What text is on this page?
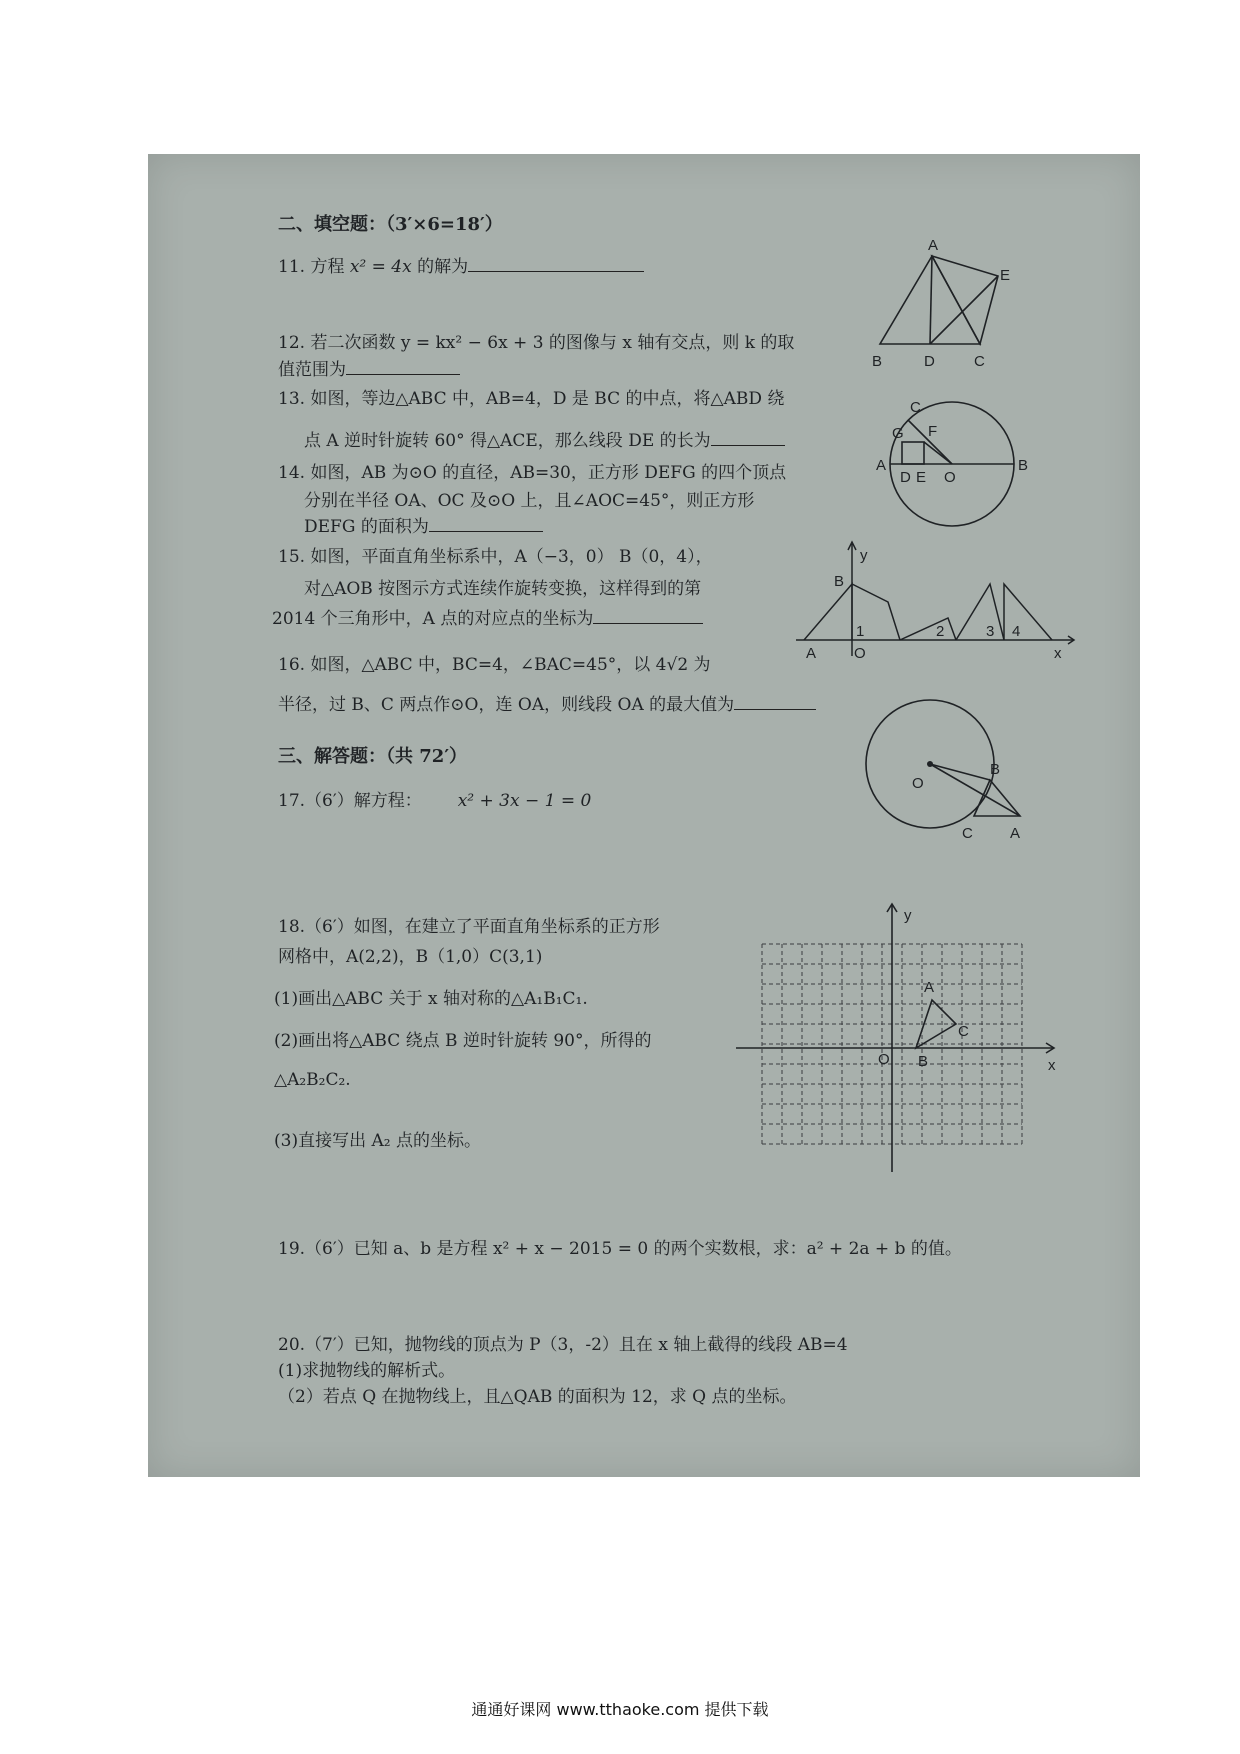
二、填空题：（3′×6=18′）
11. 方程 x² = 4x 的解为
12. 若二次函数 y = kx² − 6x + 3 的图像与 x 轴有交点，则 k 的取
值范围为
13. 如图，等边△ABC 中，AB=4，D 是 BC 的中点，将△ABD 绕
点 A 逆时针旋转 60° 得△ACE，那么线段 DE 的长为
14. 如图，AB 为⊙O 的直径，AB=30，正方形 DEFG 的四个顶点
分别在半径 OA、OC 及⊙O 上，且∠AOC=45°，则正方形
DEFG 的面积为
15. 如图，平面直角坐标系中，A（−3，0） B（0，4），
对△AOB 按图示方式连续作旋转变换，这样得到的第
2014 个三角形中，A 点的对应点的坐标为
16. 如图，△ABC 中，BC=4，∠BAC=45°，以 4√2 为
半径，过 B、C 两点作⊙O，连 OA，则线段 OA 的最大值为
三、解答题：（共 72′）
17.（6′）解方程： x² + 3x − 1 = 0
18.（6′）如图，在建立了平面直角坐标系的正方形
网格中，A(2,2)，B（1,0）C(3,1)
(1)画出△ABC 关于 x 轴对称的△A₁B₁C₁.
(2)画出将△ABC 绕点 B 逆时针旋转 90°，所得的
△A₂B₂C₂.
(3)直接写出 A₂ 点的坐标。
19.（6′）已知 a、b 是方程 x² + x − 2015 = 0 的两个实数根，求：a² + 2a + b 的值。
20.（7′）已知，抛物线的顶点为 P（3，-2）且在 x 轴上截得的线段 AB=4
(1)求抛物线的解析式。
（2）若点 Q 在抛物线上，且△QAB 的面积为 12，求 Q 点的坐标。
A
B	D	C
E
C
G F
A	B
D E O
y
B
A	O
1	2	3 4
x
O
B
C A
y
x
A
B
C
O
通通好课网 www.tthaoke.com 提供下载
